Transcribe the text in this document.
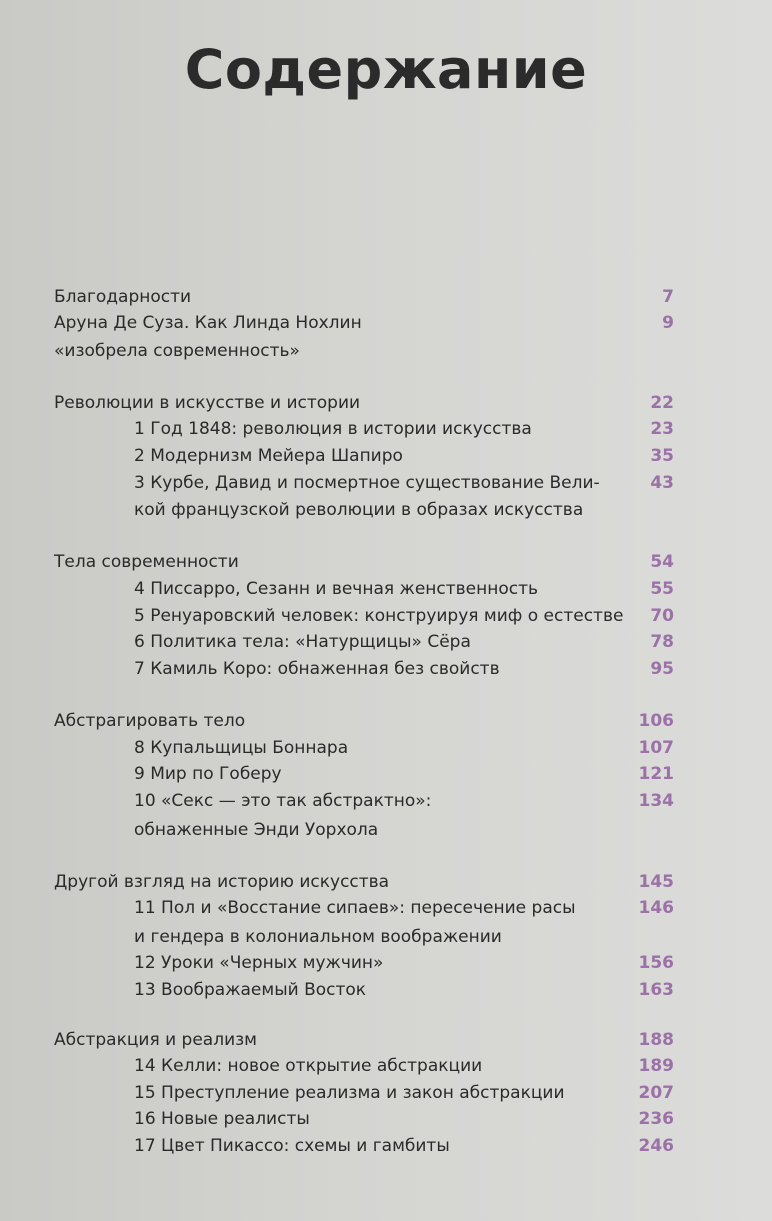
Содержание
Благодарности	7
Аруна Де Суза. Как Линда Нохлин	9
«изобрела современность»
Революции в искусстве и истории	22
1 Год 1848: революция в истории искусства	23
2 Модернизм Мейера Шапиро	35
3 Курбе, Давид и посмертное существование Вели-	43
кой французской революции в образах искусства
Тела современности	54
4 Писсарро, Сезанн и вечная женственность	55
5 Ренуаровский человек: конструируя миф о естестве 70
6 Политика тела: «Натурщицы» Сёра	78
7 Камиль Коро: обнаженная без свойств	95
Абстрагировать тело	106
8 Купальщицы Боннара	107
9 Мир по Гоберу	121
10 «Секс — это так абстрактно»:	134
обнаженные Энди Уорхола
Другой взгляд на историю искусства	145
11 Пол и «Восстание сипаев»: пересечение расы	146
и гендера в колониальном воображении
12 Уроки «Черных мужчин»	156
13 Воображаемый Восток	163
Абстракция и реализм	188
14 Келли: новое открытие абстракции	189
15 Преступление реализма и закон абстракции	207
16 Новые реалисты	236
17 Цвет Пикассо: схемы и гамбиты	246
